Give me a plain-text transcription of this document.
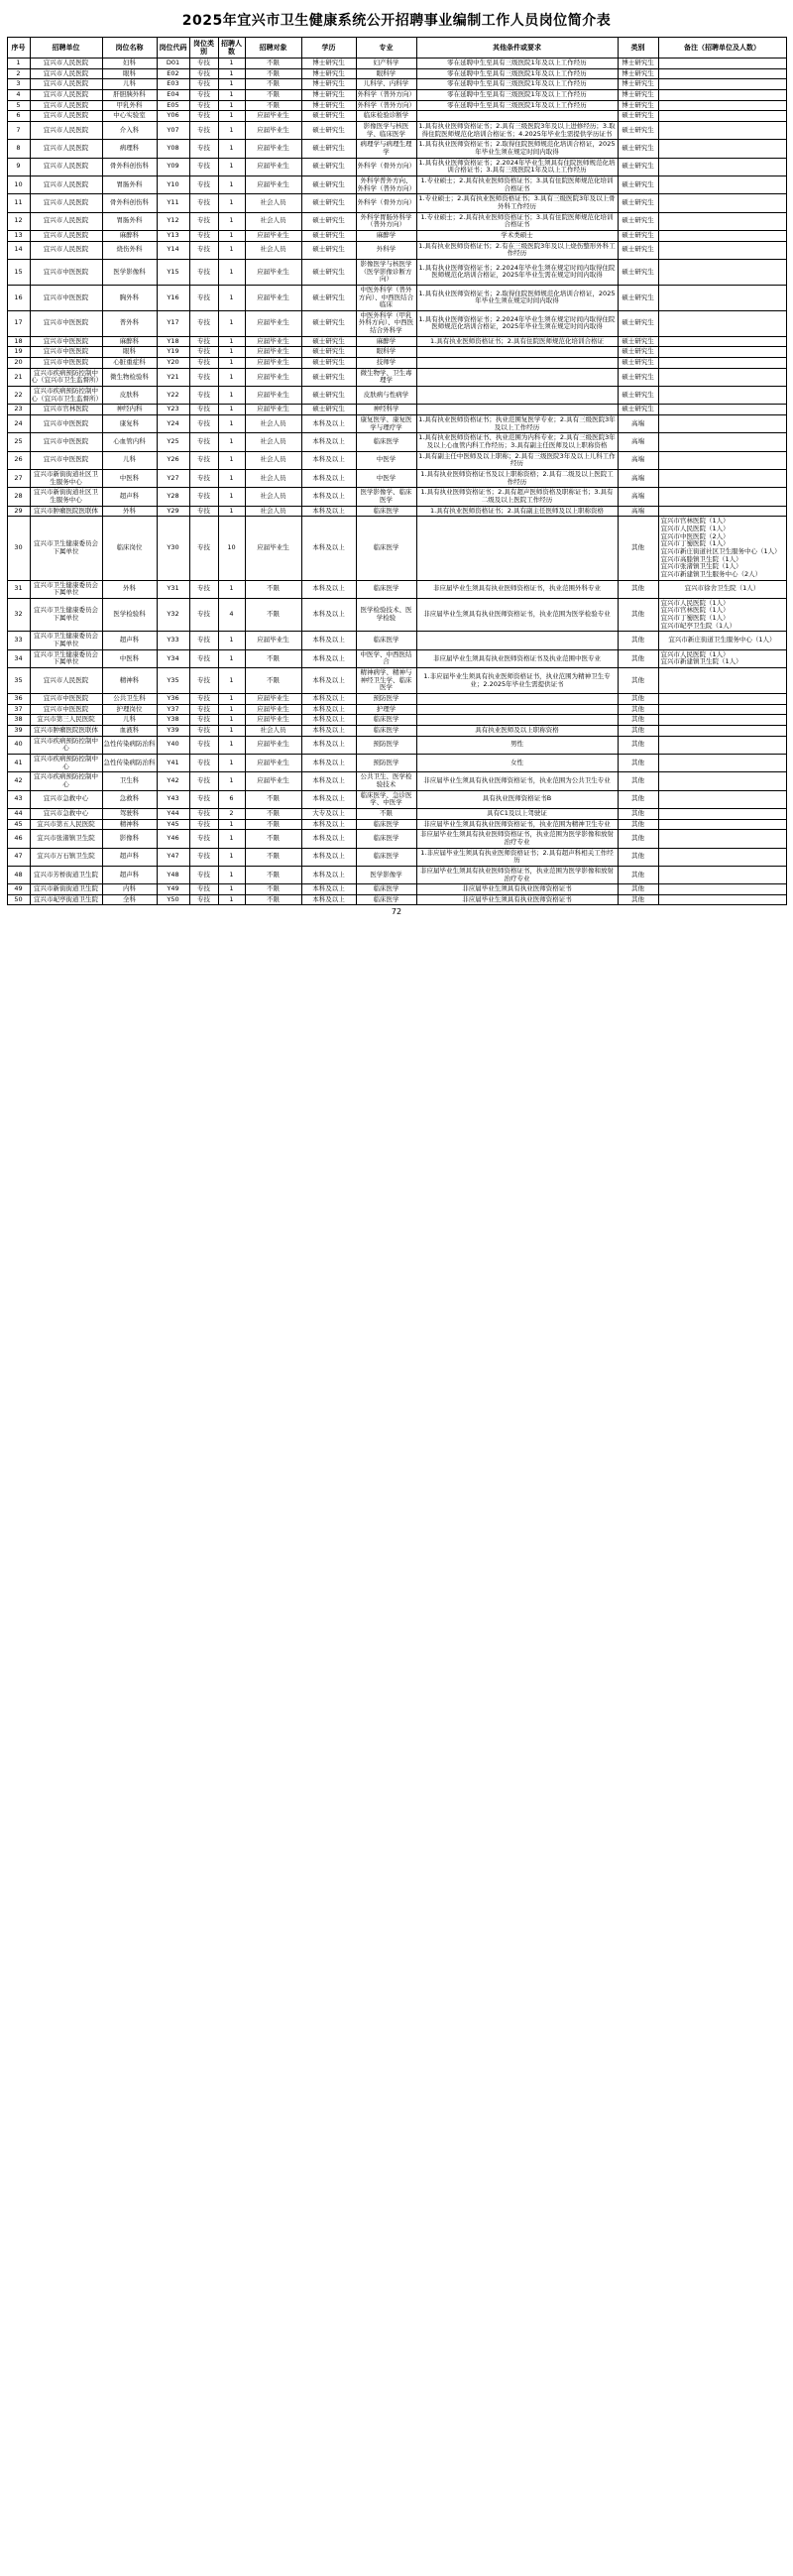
2025年宜兴市卫生健康系统公开招聘事业编制工作人员岗位简介表
序号	招聘单位	岗位名称	岗位代码	岗位类别	招聘人数	招聘对象	学历	专业	其他条件或要求	类别	备注（招聘单位及人数）
1	宜兴市人民医院	妇科	D01	专技	1	不限	博士研究生	妇产科学	零在延聘中生至具有三级医院1年及以上工作经历	博士研究生	
2	宜兴市人民医院	眼科	E02	专技	1	不限	博士研究生	眼科学	零在延聘中生至具有三级医院1年及以上工作经历	博士研究生	
3	宜兴市人民医院	儿科	E03	专技	1	不限	博士研究生	儿科学、内科学	零在延聘中生至具有三级医院1年及以上工作经历	博士研究生	
4	宜兴市人民医院	肝胆胰外科	E04	专技	1	不限	博士研究生	外科学（普外方向）	零在延聘中生至具有三级医院1年及以上工作经历	博士研究生	
5	宜兴市人民医院	甲乳外科	E05	专技	1	不限	博士研究生	外科学（普外方向）	零在延聘中生至具有三级医院1年及以上工作经历	博士研究生	
6	宜兴市人民医院	中心实验室	Y06	专技	1	应届毕业生	硕士研究生	临床检验诊断学		硕士研究生	
7	宜兴市人民医院	介入科	Y07	专技	1	应届毕业生	硕士研究生	影像医学与核医学、临床医学	1.具有执业医师资格证书；2.具有三级医院3年及以上进修经历；3.取得住院医师规范化培训合格证书；4.2025年毕业生需提供学历证书	硕士研究生	
8	宜兴市人民医院	病理科	Y08	专技	1	应届毕业生	硕士研究生	病理学与病理生理学	1.具有执业医师资格证书；2.取得住院医师规范化培训合格证，2025年毕业生须在规定时间内取得	硕士研究生	
9	宜兴市人民医院	骨外科创伤科	Y09	专技	1	应届毕业生	硕士研究生	外科学（骨外方向）	1.具有执业医师资格证书；2.2024年毕业生须具有住院医师规范化培训合格证书；3.具有三级医院1年及以上工作经历	硕士研究生	
10	宜兴市人民医院	胃肠外科	Y10	专技	1	应届毕业生	硕士研究生	外科学普外方向、外科学（普外方向）	1.专业硕士；2.具有执业医师资格证书；3.具有住院医师规范化培训合格证书	硕士研究生	
11	宜兴市人民医院	骨外科创伤科	Y11	专技	1	社会人员	硕士研究生	外科学（骨外方向）	1.专业硕士；2.具有执业医师资格证书；3.具有三级医院3年及以上骨外科工作经历	硕士研究生	
12	宜兴市人民医院	胃肠外科	Y12	专技	1	社会人员	硕士研究生	外科学胃肠外科学（普外方向）	1.专业硕士；2.具有执业医师资格证书；3.具有住院医师规范化培训合格证书	硕士研究生	
13	宜兴市人民医院	麻醉科	Y13	专技	1	应届毕业生	硕士研究生	麻醉学	学术类硕士	硕士研究生	
14	宜兴市人民医院	烧伤外科	Y14	专技	1	社会人员	硕士研究生	外科学	1.具有执业医师资格证书；2.有在三级医院3年及以上烧伤整形外科工作经历	硕士研究生	
15	宜兴市中医医院	医学影像科	Y15	专技	1	应届毕业生	硕士研究生	影像医学与核医学（医学影像诊断方向）	1.具有执业医师资格证书；2.2024年毕业生须在规定时间内取得住院医师规范化培训合格证，2025年毕业生需在规定时间内取得	硕士研究生	
16	宜兴市中医医院	胸外科	Y16	专技	1	应届毕业生	硕士研究生	中医外科学（普外方向）、中西医结合临床	1.具有执业医师资格证书；2.取得住院医师规范化培训合格证，2025年毕业生须在规定时间内取得	硕士研究生	
17	宜兴市中医医院	普外科	Y17	专技	1	应届毕业生	硕士研究生	中医外科学（甲乳外科方向）、中西医结合外科学	1.具有执业医师资格证书；2.2024年毕业生须在规定时间内取得住院医师规范化培训合格证，2025年毕业生须在规定时间内取得	硕士研究生	
18	宜兴市中医医院	麻醉科	Y18	专技	1	应届毕业生	硕士研究生	麻醉学	1.具有执业医师资格证书；2.具有住院医师规范化培训合格证	硕士研究生	
19	宜兴市中医医院	眼科	Y19	专技	1	应届毕业生	硕士研究生	眼科学		硕士研究生	
20	宜兴市中医医院	心脏重症科	Y20	专技	1	应届毕业生	硕士研究生	技师学		硕士研究生	
21	宜兴市疾病预防控制中心（宜兴市卫生监督所）	微生物检验科	Y21	专技	1	应届毕业生	硕士研究生	微生物学、卫生毒理学		硕士研究生	
22	宜兴市疾病预防控制中心（宜兴市卫生监督所）	皮肤科	Y22	专技	1	应届毕业生	硕士研究生	皮肤病与性病学		硕士研究生	
23	宜兴市官林医院	神经内科	Y23	专技	1	应届毕业生	硕士研究生	神经科学		硕士研究生	
24	宜兴市中医医院	康复科	Y24	专技	1	社会人员	本科及以上	康复医学、康复医学与理疗学	1.具有执业医师资格证书；执业范围复医学专业；2.具有三级医院3年及以上工作经历	高端	
25	宜兴市中医医院	心血管内科	Y25	专技	1	社会人员	本科及以上	临床医学	1.具有执业医师资格证书、执业范围为内科专业；2.具有三级医院3年及以上心血管内科工作经历；3.具有副主任医师及以上职称资格	高端	
26	宜兴市中医医院	儿科	Y26	专技	1	社会人员	本科及以上	中医学	1.具有副主任中医师及以上职称；2.具有三级医院3年及以上儿科工作经历	高端	
27	宜兴市新街街道社区卫生服务中心	中医科	Y27	专技	1	社会人员	本科及以上	中医学	1.具有执业医师资格证书及以上职称资格；2.具有二级及以上医院工作经历	高端	
28	宜兴市新街街道社区卫生服务中心	超声科	Y28	专技	1	社会人员	本科及以上	医学影像学、临床医学	1.具有执业医师资格证书；2.具有超声医师资格及职称证书；3.具有二级及以上医院工作经历	高端	
29	宜兴市肿瘤医院医联体	外科	Y29	专技	1	社会人员	本科及以上	临床医学	1.具有执业医师资格证书；2.具有副主任医师及以上职称资格	高端	
30	宜兴市卫生健康委员会下属单位	临床岗位	Y30	专技	10	应届毕业生	本科及以上	临床医学		其他	宜兴市官林医院（1人）
宜兴市人民医院（1人）
宜兴市中医医院（2人）
宜兴市丁蜀医院（1人）
宜兴市新庄街道社区卫生服务中心（1人）
宜兴市高塍镇卫生院（1人）
宜兴市张渚镇卫生院（1人）
宜兴市新建镇卫生服务中心（2人）
31	宜兴市卫生健康委员会下属单位	外科	Y31	专技	1	不限	本科及以上	临床医学	非应届毕业生须具有执业医师资格证书，执业范围外科专业	其他	宜兴市徐舍卫生院（1人）
32	宜兴市卫生健康委员会下属单位	医学检验科	Y32	专技	4	不限	本科及以上	医学检验技术、医学检验	非应届毕业生须具有执业医师资格证书，执业范围为医学检验专业	其他	宜兴市人民医院（1人）
宜兴市官林医院（1人）
宜兴市丁蜀医院（1人）
宜兴市屺亭卫生院（1人）
33	宜兴市卫生健康委员会下属单位	超声科	Y33	专技	1	应届毕业生	本科及以上	临床医学		其他	宜兴市新庄街道卫生服务中心（1人）
34	宜兴市卫生健康委员会下属单位	中医科	Y34	专技	1	不限	本科及以上	中医学、中西医结合	非应届毕业生须具有执业医师资格证书及执业范围中医专业	其他	宜兴市人民医院（1人）
宜兴市新建镇卫生院（1人）
35	宜兴市人民医院	精神科	Y35	专技	1	不限	本科及以上	精神病学、精神与神经卫生学、临床医学	1.非应届毕业生须具有执业医师资格证书，执业范围为精神卫生专业；2.2025年毕业生需提供证书	其他	
36	宜兴市中医医院	公共卫生科	Y36	专技	1	应届毕业生	本科及以上	预防医学		其他	
37	宜兴市中医医院	护理岗位	Y37	专技	1	应届毕业生	本科及以上	护理学		其他	
38	宜兴市第三人民医院	儿科	Y38	专技	1	应届毕业生	本科及以上	临床医学		其他	
39	宜兴市肿瘤医院医联体	血液科	Y39	专技	1	社会人员	本科及以上	临床医学	具有执业医师及以上职称资格	其他	
40	宜兴市疾病预防控制中心	急性传染病防治科	Y40	专技	1	应届毕业生	本科及以上	预防医学	男性	其他	
41	宜兴市疾病预防控制中心	急性传染病防治科	Y41	专技	1	应届毕业生	本科及以上	预防医学	女性	其他	
42	宜兴市疾病预防控制中心	卫生科	Y42	专技	1	应届毕业生	本科及以上	公共卫生、医学检验技术	非应届毕业生须具有执业医师资格证书，执业范围为公共卫生专业	其他	
43	宜兴市急救中心	急救科	Y43	专技	6	不限	本科及以上	临床医学、急诊医学、中医学	具有执业医师资格证书B	其他	
44	宜兴市急救中心	驾驶科	Y44	专技	2	不限	大专及以上	不限	具有C1及以上驾驶证	其他	
45	宜兴市第五人民医院	精神科	Y45	专技	1	不限	本科及以上	临床医学	非应届毕业生须具有执业医师资格证书，执业范围为精神卫生专业	其他	
46	宜兴市张渚镇卫生院	影像科	Y46	专技	1	不限	本科及以上	临床医学	非应届毕业生须具有执业医师资格证书，执业范围为医学影像和放射治疗专业	其他	
47	宜兴市万石镇卫生院	超声科	Y47	专技	1	不限	本科及以上	临床医学	1.非应届毕业生须具有执业医师资格证书；2.具有超声科相关工作经历	其他	
48	宜兴市芳桥街道卫生院	超声科	Y48	专技	1	不限	本科及以上	医学影像学	非应届毕业生须具有执业医师资格证书，执业范围为医学影像和放射治疗专业	其他	
49	宜兴市新街街道卫生院	内科	Y49	专技	1	不限	本科及以上	临床医学	非应届毕业生须具有执业医师资格证书	其他	
50	宜兴市屺亭街道卫生院	全科	Y50	专技	1	不限	本科及以上	临床医学	非应届毕业生须具有执业医师资格证书	其他	
72
